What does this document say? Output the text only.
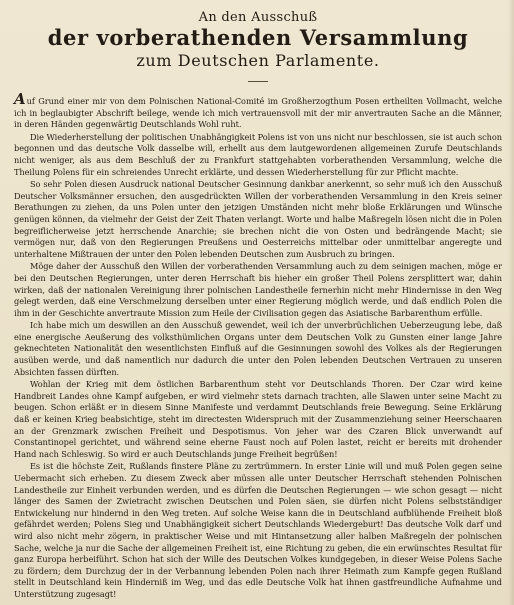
An den Ausschuß
der vorberathenden Versammlung
zum Deutschen Parlamente.

Auf Grund einer mir von dem Polnischen National-Comité im Großherzogthum Posen ertheilten Vollmacht, welche ich in beglaubigter Abschrift beilege, wende ich mich vertrauensvoll mit der mir anvertrauten Sache an die Männer, in deren Händen gegenwärtig Deutschlands Wohl ruht.

Die Wiederherstellung der politischen Unabhängigkeit Polens ist von uns nicht nur beschlossen, sie ist auch schon begonnen und das deutsche Volk dasselbe will, erhellt aus dem lautgewordenen allgemeinen Zurufe Deutschlands nicht weniger, als aus dem Beschluß der zu Frankfurt stattgehabten vorberathenden Versammlung, welche die Theilung Polens für ein schreiendes Unrecht erklärte, und dessen Wiederherstellung für zur Pflicht machte.

So sehr Polen diesen Ausdruck national Deutscher Gesinnung dankbar anerkennt, so sehr muß ich den Ausschuß Deutscher Volksmänner ersuchen, den ausgedrückten Willen der vorberathenden Versammlung in den Kreis seiner Berathungen zu ziehen, da uns Polen unter den jetzigen Umständen nicht mehr bloße Erklärungen und Wünsche genügen können, da vielmehr der Geist der Zeit Thaten verlangt. Worte und halbe Maßregeln lösen nicht die in Polen begreiflicherweise jetzt herrschende Anarchie; sie brechen nicht die von Osten und bedrängende Macht; sie vermögen nur, daß von den Regierungen Preußens und Oesterreichs mittelbar oder unmittelbar angeregte und unterhaltene Mißtrauen der unter den Polen lebenden Deutschen zum Ausbruch zu bringen.

Möge daher der Ausschuß den Willen der vorberathenden Versammlung auch zu dem seinigen machen, möge er bei den Deutschen Regierungen, unter deren Herrschaft bis hieher ein großer Theil Polens zersplittert war, dahin wirken, daß der nationalen Vereinigung ihrer polnischen Landestheile fernerhin nicht mehr Hindernisse in den Weg gelegt werden, daß eine Verschmelzung derselben unter einer Regierung möglich werde, und daß endlich Polen die ihm in der Geschichte anvertraute Mission zum Heile der Civilisation gegen das Asiatische Barbarenthum erfülle.

Ich habe mich um deswillen an den Ausschuß gewendet, weil ich der unverbrüchlichen Ueberzeugung lebe, daß eine energische Aeußerung des volksthümlichen Organs unter dem Deutschen Volk zu Gunsten einer lange Jahre geknechteten Nationalität den wesentlichsten Einfluß auf die Gesinnungen sowohl des Volkes als der Regierungen ausüben werde, und daß namentlich nur dadurch die unter den Polen lebenden Deutschen Vertrauen zu unseren Absichten fassen dürften.

Wohlan der Krieg mit dem östlichen Barbarenthum steht vor Deutschlands Thoren. Der Czar wird keine Handbreit Landes ohne Kampf aufgeben, er wird vielmehr stets darnach trachten, alle Slawen unter seine Macht zu beugen. Schon erläßt er in diesem Sinne Manifeste und verdammt Deutschlands freie Bewegung. Seine Erklärung daß er keinen Krieg beabsichtige, steht im directesten Widerspruch mit der Zusammenziehung seiner Heerschaaren an der Grenzmark zwischen Freiheit und Despotismus. Von jeher war des Czaren Blick unverwandt auf Constantinopel gerichtet, und während seine eherne Faust noch auf Polen lastet, reicht er bereits mit drohender Hand nach Schleswig. So wird er auch Deutschlands junge Freiheit begrüßen!

Es ist die höchste Zeit, Rußlands finstere Pläne zu zertrümmern. In erster Linie will und muß Polen gegen seine Uebermacht sich erheben. Zu diesem Zweck aber müssen alle unter Deutscher Herrschaft stehenden Polnischen Landestheile zur Einheit verbunden werden, und es dürfen die Deutschen Regierungen — wie schon gesagt — nicht länger des Samen der Zwietracht zwischen Deutschen und Polen säen, sie dürfen nicht Polens selbstständiger Entwickelung nur hindernd in den Weg treten. Auf solche Weise kann die in Deutschland aufblühende Freiheit bloß gefährdet werden; Polens Sieg und Unabhängigkeit sichert Deutschlands Wiedergeburt! Das deutsche Volk darf und wird also nicht mehr zögern, in praktischer Weise und mit Hintansetzung aller halben Maßregeln der polnischen Sache, welche ja nur die Sache der allgemeinen Freiheit ist, eine Richtung zu geben, die ein erwünschtes Resultat für ganz Europa herbeiführt. Schon hat sich der Wille des Deutschen Volkes kundgegeben, in dieser Weise Polens Sache zu fördern; dem Durchzug der in der Verbannung lebenden Polen nach ihrer Heimath zum Kampfe gegen Rußland stellt in Deutschland kein Hinderniß im Weg, und das edle Deutsche Volk hat ihnen gastfreundliche Aufnahme und Unterstützung zugesagt!
